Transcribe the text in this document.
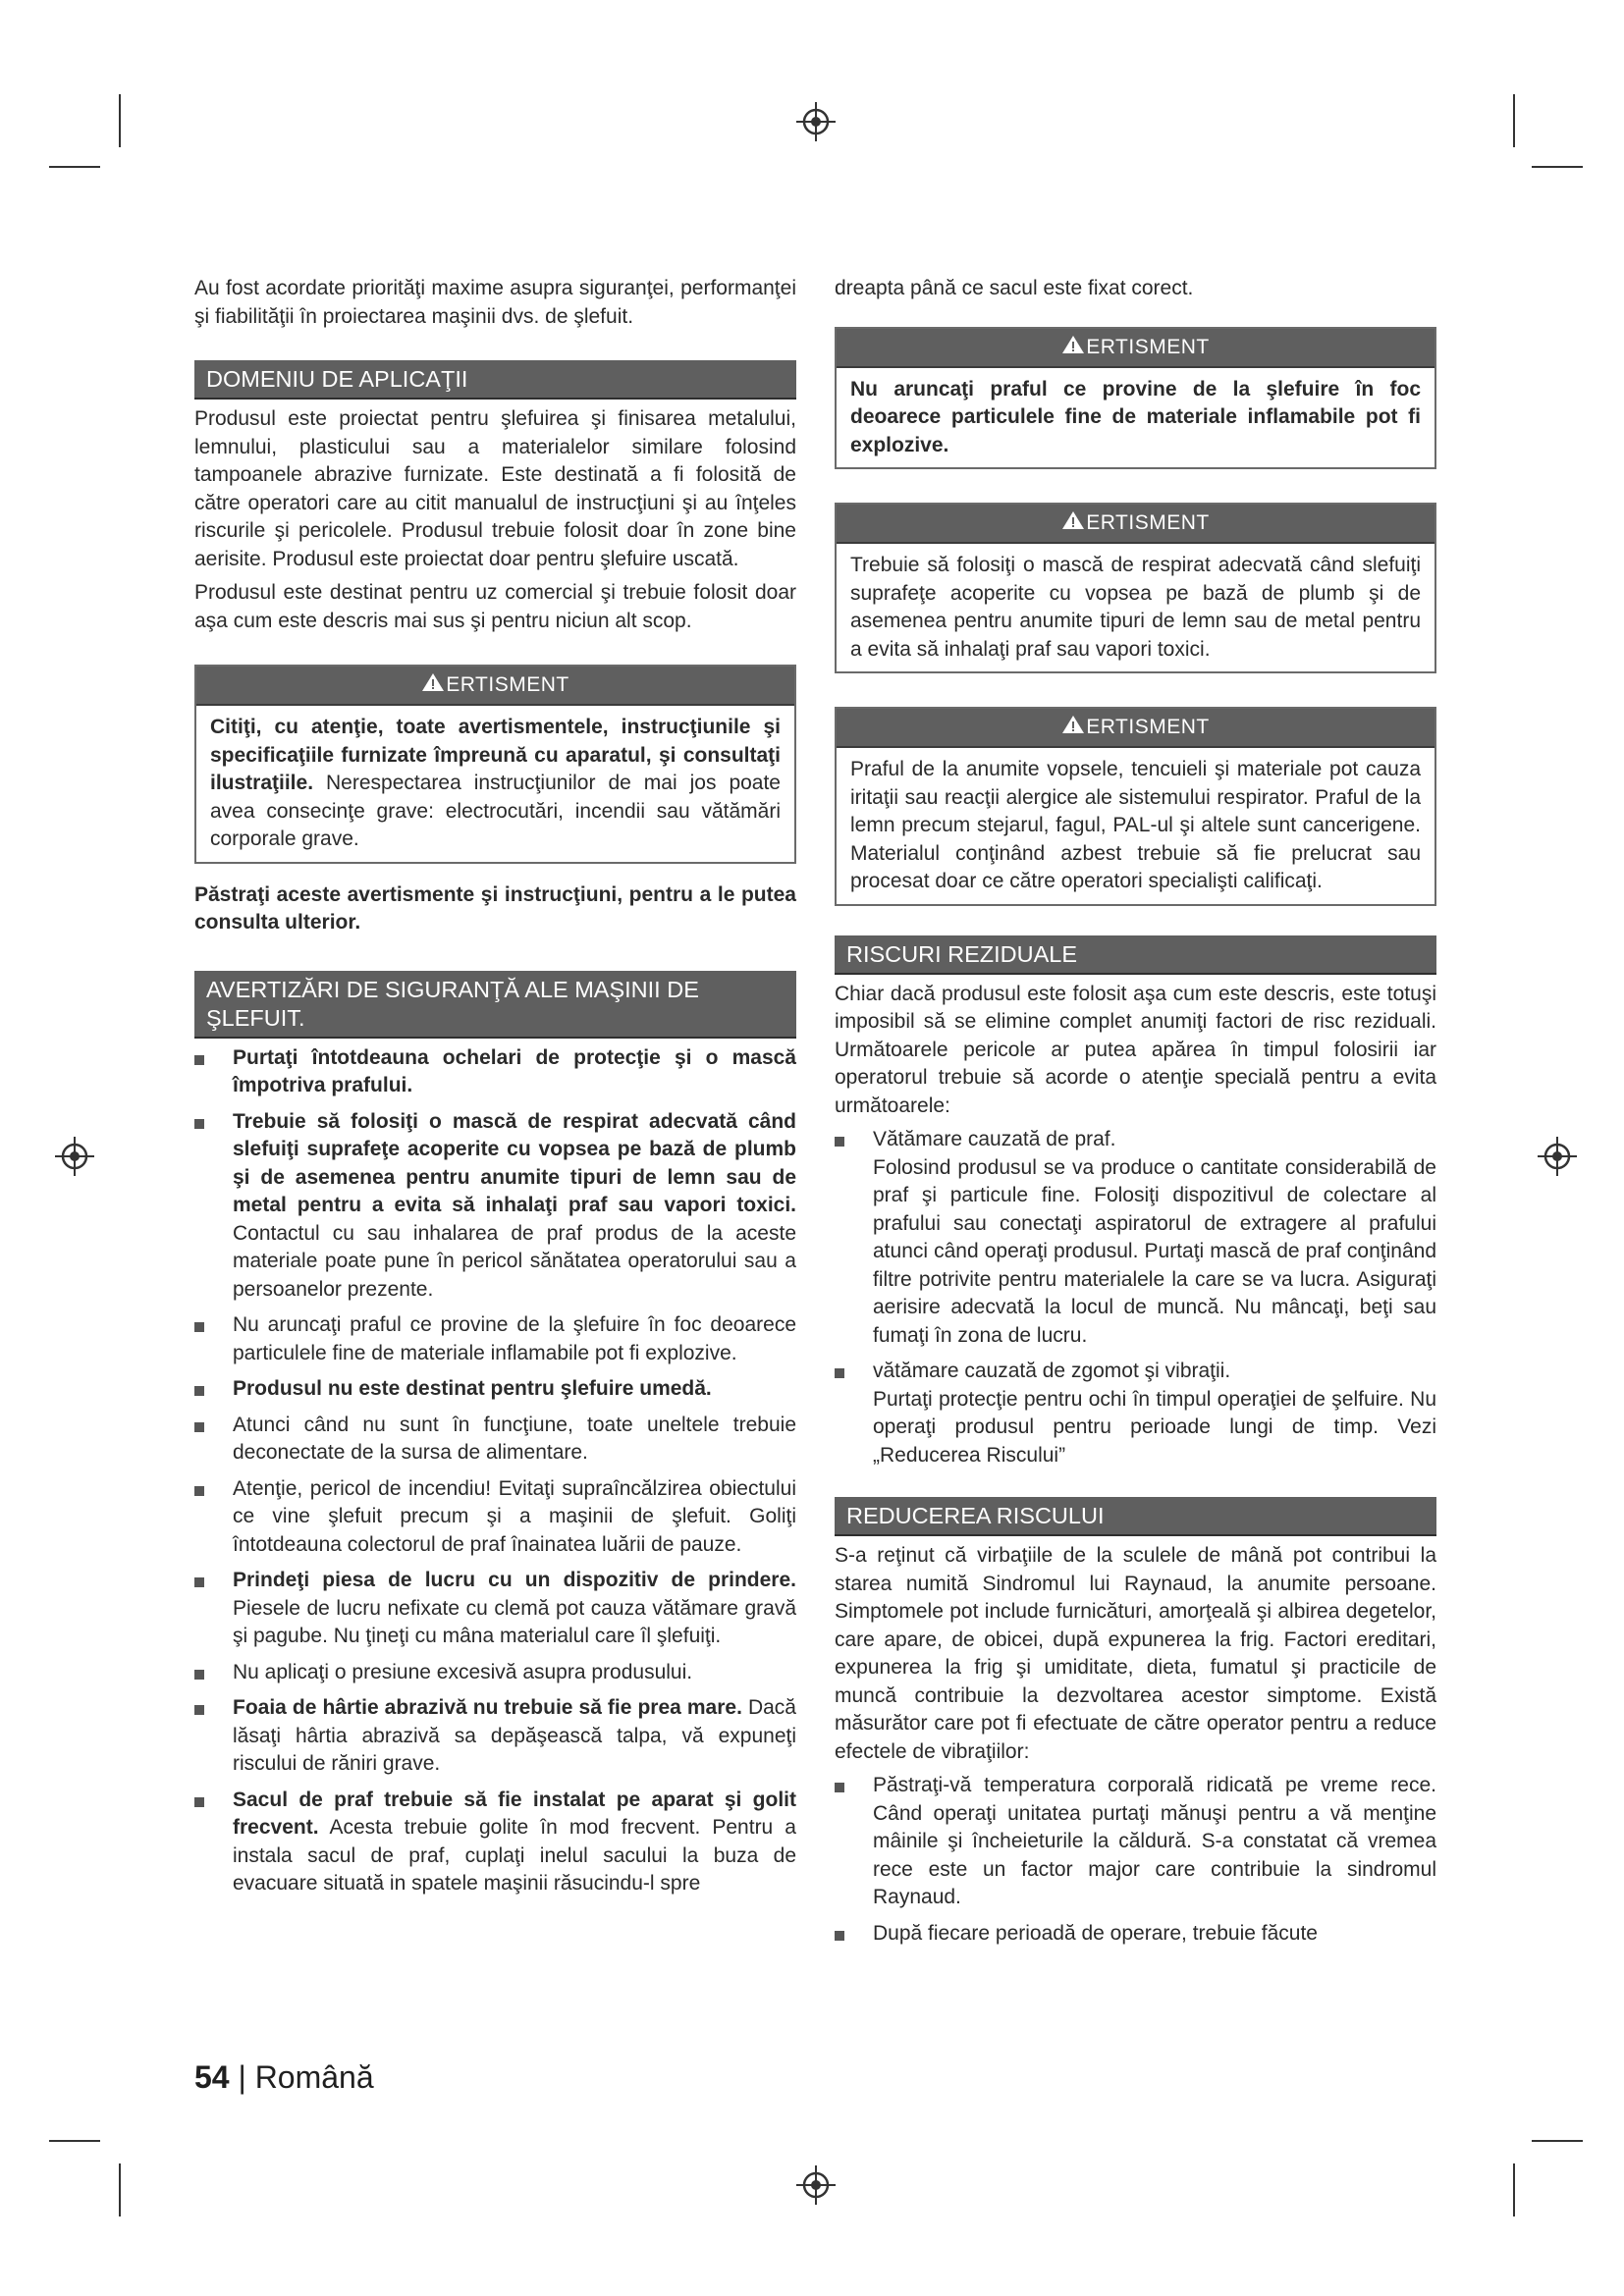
Au fost acordate priorităţi maxime asupra siguranţei, performanţei şi fiabilităţii în proiectarea maşinii dvs. de şlefuit.

DOMENIU DE APLICAŢII

Produsul este proiectat pentru şlefuirea şi finisarea metalului, lemnului, plasticului sau a materialelor similare folosind tampoanele abrazive furnizate. Este destinată a fi folosită de către operatori care au citit manualul de instrucţiuni şi au înţeles riscurile şi pericolele. Produsul trebuie folosit doar în zone bine aerisite. Produsul este proiectat doar pentru şlefuire uscată.

Produsul este destinat pentru uz comercial şi trebuie folosit doar aşa cum este descris mai sus şi pentru niciun alt scop.

ERTISMENT

Citiţi, cu atenţie, toate avertismentele, instrucţiunile şi specificaţiile furnizate împreună cu aparatul, şi consultaţi ilustraţiile. Nerespectarea instrucţiunilor de mai jos poate avea consecinţe grave: electrocutări, incendii sau vătămări corporale grave.

Păstraţi aceste avertismente şi instrucţiuni, pentru a le putea consulta ulterior.

AVERTIZĂRI DE SIGURANŢĂ ALE MAŞINII DE ŞLEFUIT.
Purtaţi întotdeauna ochelari de protecţie şi o mască împotriva prafului.
Trebuie să folosiţi o mască de respirat adecvată când slefuiţi suprafeţe acoperite cu vopsea pe bază de plumb şi de asemenea pentru anumite tipuri de lemn sau de metal pentru a evita să inhalaţi praf sau vapori toxici. Contactul cu sau inhalarea de praf produs de la aceste materiale poate pune în pericol sănătatea operatorului sau a persoanelor prezente.
Nu aruncaţi praful ce provine de la şlefuire în foc deoarece particulele fine de materiale inflamabile pot fi explozive.
Produsul nu este destinat pentru şlefuire umedă.
Atunci când nu sunt în funcţiune, toate uneltele trebuie deconectate de la sursa de alimentare.
Atenţie, pericol de incendiu! Evitaţi supraîncălzirea obiectului ce vine şlefuit precum şi a maşinii de şlefuit. Goliţi întotdeauna colectorul de praf înainatea luării de pauze.
Prindeţi piesa de lucru cu un dispozitiv de prindere. Piesele de lucru nefixate cu clemă pot cauza vătămare gravă şi pagube. Nu ţineţi cu mâna materialul care îl şlefuiţi.
Nu aplicaţi o presiune excesivă asupra produsului.
Foaia de hârtie abrazivă nu trebuie să fie prea mare. Dacă lăsaţi hârtia abrazivă sa depăşească talpa, vă expuneţi riscului de răniri grave.
Sacul de praf trebuie să fie instalat pe aparat şi golit frecvent. Acesta trebuie golite în mod frecvent. Pentru a instala sacul de praf, cuplaţi inelul sacului la buza de evacuare situată in spatele maşinii răsucindu-l spre

dreapta până ce sacul este fixat corect.

ERTISMENT

Nu aruncaţi praful ce provine de la şlefuire în foc deoarece particulele fine de materiale inflamabile pot fi explozive.

ERTISMENT

Trebuie să folosiţi o mască de respirat adecvată când slefuiţi suprafeţe acoperite cu vopsea pe bază de plumb şi de asemenea pentru anumite tipuri de lemn sau de metal pentru a evita să inhalaţi praf sau vapori toxici.

ERTISMENT

Praful de la anumite vopsele, tencuieli şi materiale pot cauza iritaţii sau reacţii alergice ale sistemului respirator. Praful de la lemn precum stejarul, fagul, PAL-ul şi altele sunt cancerigene. Materialul conţinând azbest trebuie să fie prelucrat sau procesat doar ce către operatori specialişti calificaţi.

RISCURI REZIDUALE

Chiar dacă produsul este folosit aşa cum este descris, este totuşi imposibil să se elimine complet anumiţi factori de risc reziduali. Următoarele pericole ar putea apărea în timpul folosirii iar operatorul trebuie să acorde o atenţie specială pentru a evita următoarele:

Vătămare cauzată de praf.
Folosind produsul se va produce o cantitate considerabilă de praf şi particule fine. Folosiţi dispozitivul de colectare al prafului sau conectaţi aspiratorul de extragere al prafului atunci când operaţi produsul. Purtaţi mască de praf conţinând filtre potrivite pentru materialele la care se va lucra. Asiguraţi aerisire adecvată la locul de muncă. Nu mâncaţi, beţi sau fumaţi în zona de lucru.
vătămare cauzată de zgomot şi vibraţii.
Purtaţi protecţie pentru ochi în timpul operaţiei de şelfuire. Nu operaţi produsul pentru perioade lungi de timp. Vezi „Reducerea Riscului”
REDUCEREA RISCULUI

S-a reţinut că virbaţiile de la sculele de mână pot contribui la starea numită Sindromul lui Raynaud, la anumite persoane. Simptomele pot include furnicături, amorţeală şi albirea degetelor, care apare, de obicei, după expunerea la frig. Factori ereditari, expunerea la frig şi umiditate, dieta, fumatul şi practicile de muncă contribuie la dezvoltarea acestor simptome. Există măsurător care pot fi efectuate de către operator pentru a reduce efectele de vibraţiilor:

Păstraţi-vă temperatura corporală ridicată pe vreme rece. Când operaţi unitatea purtaţi mănuşi pentru a vă menţine mâinile şi încheieturile la căldură. S-a constatat că vremea rece este un factor major care contribuie la sindromul Raynaud.
După fiecare perioadă de operare, trebuie făcute
54 | Română
